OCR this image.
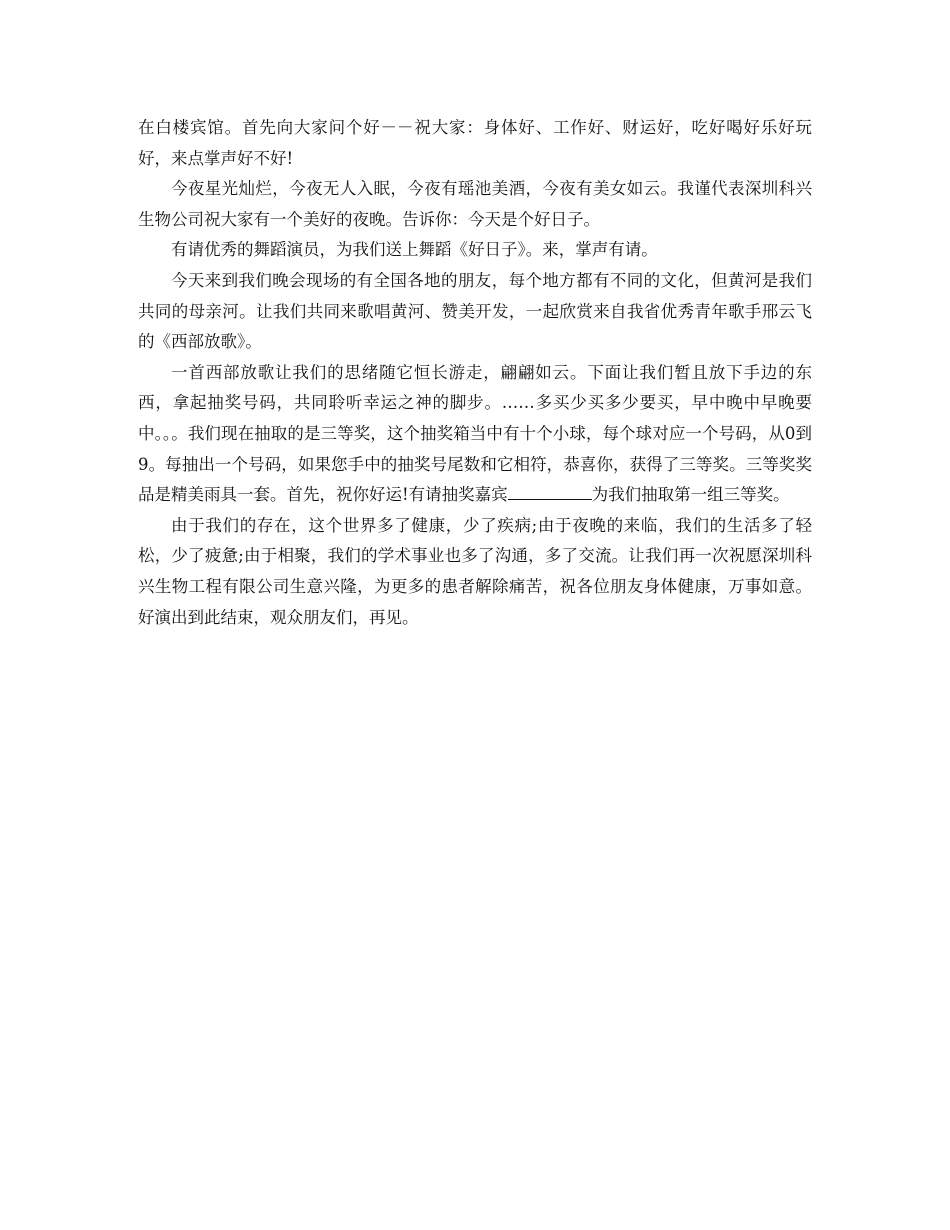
在白楼宾馆。首先向大家问个好－－祝大家：身体好、工作好、财运好，吃好喝好乐好玩好，来点掌声好不好!

今夜星光灿烂，今夜无人入眠，今夜有瑶池美酒，今夜有美女如云。我谨代表深圳科兴生物公司祝大家有一个美好的夜晚。告诉你：今天是个好日子。

有请优秀的舞蹈演员，为我们送上舞蹈《好日子》。来，掌声有请。

今天来到我们晚会现场的有全国各地的朋友，每个地方都有不同的文化，但黄河是我们共同的母亲河。让我们共同来歌唱黄河、赞美开发，一起欣赏来自我省优秀青年歌手邢云飞的《西部放歌》。

一首西部放歌让我们的思绪随它恒长游走，翩翩如云。下面让我们暂且放下手边的东西，拿起抽奖号码，共同聆听幸运之神的脚步。……多买少买多少要买，早中晚中早晚要中。。。我们现在抽取的是三等奖，这个抽奖箱当中有十个小球，每个球对应一个号码，从0到9。每抽出一个号码，如果您手中的抽奖号尾数和它相符，恭喜你，获得了三等奖。三等奖奖品是精美雨具一套。首先，祝你好运!有请抽奖嘉宾	为我们抽取第一组三等奖。

由于我们的存在，这个世界多了健康，少了疾病;由于夜晚的来临，我们的生活多了轻松，少了疲惫;由于相聚，我们的学术事业也多了沟通，多了交流。让我们再一次祝愿深圳科兴生物工程有限公司生意兴隆，为更多的患者解除痛苦，祝各位朋友身体健康，万事如意。好演出到此结束，观众朋友们，再见。
